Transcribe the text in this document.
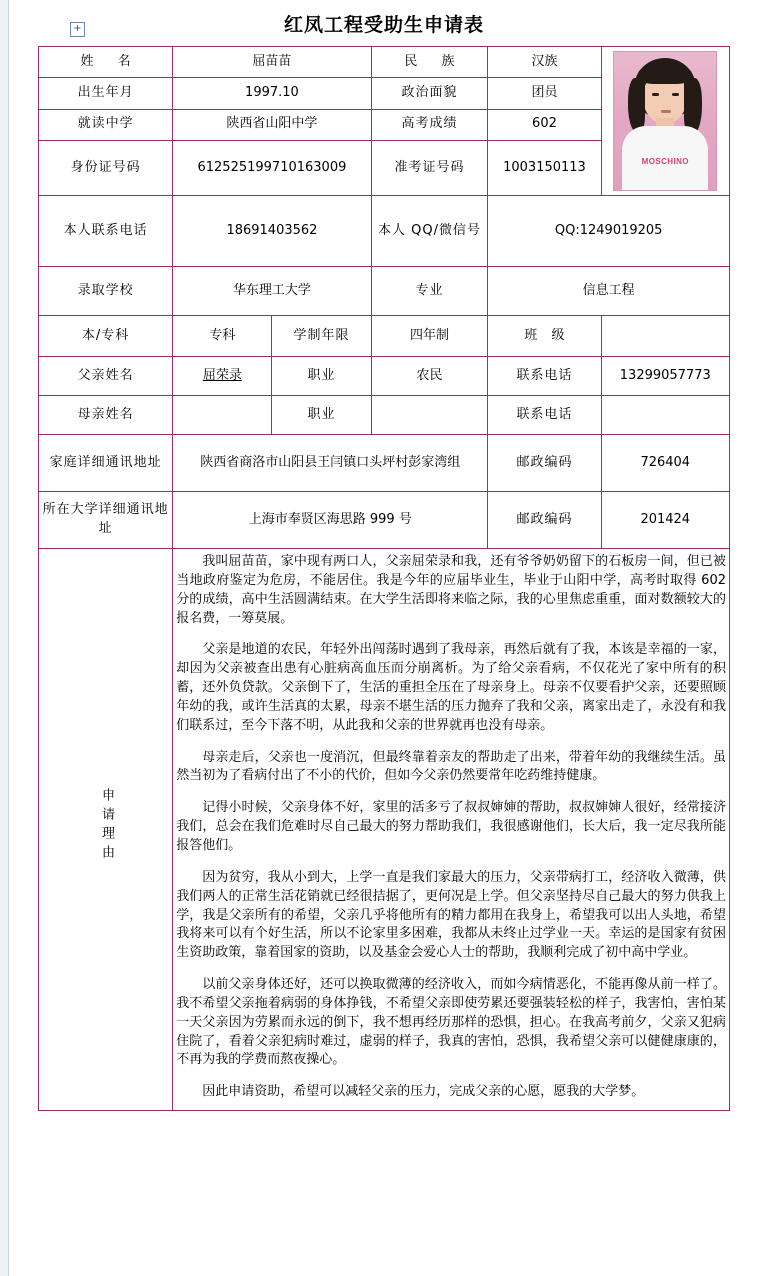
+	红凤工程受助生申请表
姓 名	屈苗苗		民 族	汉族	MOSCHINO

出生年月	1997.10		政治面貌	团员	
就读中学	陕西省山阳中学		高考成绩	602	
身份证号码	612525199710163009		准考证号码	1003150113	
本人联系电话	18691403562		本人 QQ/微信号	QQ:1249019205	
录取学校	华东理工大学		专业	信息工程	
本/专科	专科	学制年限	四年制	班 级	
父亲姓名	屈荣录	职业	农民	联系电话	13299057773
母亲姓名		职业		联系电话	
家庭详细通讯地址	陕西省商洛市山阳县王闫镇口头坪村彭家湾组			邮政编码	726404
所在大学详细通讯地址	上海市奉贤区海思路 999 号			邮政编码	201424
申请理由	

我叫屈苗苗，家中现有两口人，父亲屈荣录和我，还有爷爷奶奶留下的石板房一间，但已被当地政府鉴定为危房，不能居住。我是今年的应届毕业生，毕业于山阳中学，高考时取得 602 分的成绩，高中生活圆满结束。在大学生活即将来临之际，我的心里焦虑重重，面对数额较大的报名费，一筹莫展。

父亲是地道的农民，年轻外出闯荡时遇到了我母亲，再然后就有了我，本该是幸福的一家，却因为父亲被查出患有心脏病高血压而分崩离析。为了给父亲看病，不仅花光了家中所有的积蓄，还外负贷款。父亲倒下了，生活的重担全压在了母亲身上。母亲不仅要看护父亲，还要照顾年幼的我，或许生活真的太累，母亲不堪生活的压力抛弃了我和父亲，离家出走了，永没有和我们联系过，至今下落不明，从此我和父亲的世界就再也没有母亲。

母亲走后，父亲也一度消沉，但最终靠着亲友的帮助走了出来，带着年幼的我继续生活。虽然当初为了看病付出了不小的代价，但如今父亲仍然要常年吃药维持健康。

记得小时候，父亲身体不好，家里的活多亏了叔叔婶婶的帮助，叔叔婶婶人很好，经常接济我们，总会在我们危难时尽自己最大的努力帮助我们，我很感谢他们，长大后，我一定尽我所能报答他们。

因为贫穷，我从小到大，上学一直是我们家最大的压力，父亲带病打工，经济收入微薄，供我们两人的正常生活花销就已经很拮据了，更何况是上学。但父亲坚持尽自己最大的努力供我上学，我是父亲所有的希望，父亲几乎将他所有的精力都用在我身上，希望我可以出人头地，希望我将来可以有个好生活，所以不论家里多困难，我都从未终止过学业一天。幸运的是国家有贫困生资助政策，靠着国家的资助，以及基金会爱心人士的帮助，我顺利完成了初中高中学业。

以前父亲身体还好，还可以换取微薄的经济收入，而如今病情恶化，不能再像从前一样了。我不希望父亲拖着病弱的身体挣钱，不希望父亲即使劳累还要强装轻松的样子，我害怕，害怕某一天父亲因为劳累而永远的倒下，我不想再经历那样的恐惧，担心。在我高考前夕，父亲又犯病住院了，看着父亲犯病时难过，虚弱的样子，我真的害怕，恐惧，我希望父亲可以健健康康的，不再为我的学费而熬夜操心。

因此申请资助，希望可以减轻父亲的压力，完成父亲的心愿，愿我的大学梦。
